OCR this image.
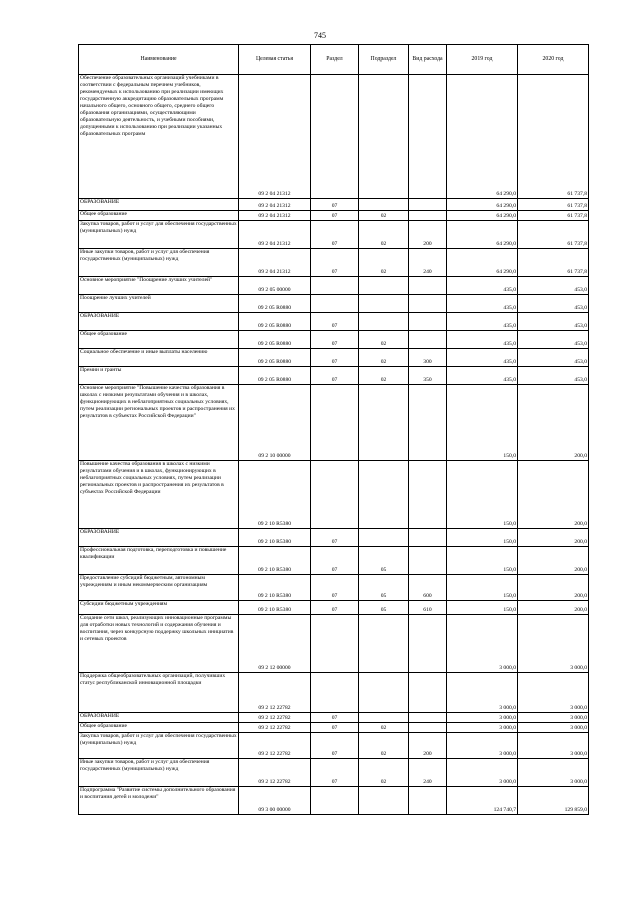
745
Наименование	Целевая статья	Раздел	Подраздел	Вид расхода	2019 год	2020 год
Обеспечение образовательных организаций учебниками в соответствии с федеральным перечнем учебников, рекомендуемых к использованию при реализации имеющих государственную аккредитацию образовательных программ начального общего, основного общего, среднего общего образования организациями, осуществляющими образовательную деятельность, и учебными пособиями, допущенными к использованию при реализации указанных образовательных программ	09 2 04 21312				64 290,0	61 737,8
ОБРАЗОВАНИЕ	09 2 04 21312	07			64 290,0	61 737,8
Общее образование	09 2 04 21312	07	02		64 290,0	61 737,8
Закупка товаров, работ и услуг для обеспечения государственных (муниципальных) нужд	09 2 04 21312	07	02	200	64 290,0	61 737,8
Иные закупки товаров, работ и услуг для обеспечения государственных (муниципальных) нужд	09 2 04 21312	07	02	240	64 290,0	61 737,8
Основное мероприятие "Поощрение лучших учителей"	09 2 05 00000				435,0	453,0
Поощрение лучших учителей	09 2 05 R0880				435,0	453,0
ОБРАЗОВАНИЕ	09 2 05 R0880	07			435,0	453,0
Общее образование	09 2 05 R0880	07	02		435,0	453,0
Социальное обеспечение и иные выплаты населению	09 2 05 R0880	07	02	300	435,0	453,0
Премии и гранты	09 2 05 R0880	07	02	350	435,0	453,0
Основное мероприятие "Повышение качества образования в школах с низкими результатами обучения и в школах, функционирующих в неблагоприятных социальных условиях, путем реализации региональных проектов и распространения их результатов в субъектах Российской Федерации"	09 2 10 00000				150,0	200,0
Повышение качества образования в школах с низкими результатами обучения и в школах, функционирующих в неблагоприятных социальных условиях, путем реализации региональных проектов и распространения их результатов в субъектах Российской Федерации	09 2 10 R5380				150,0	200,0
ОБРАЗОВАНИЕ	09 2 10 R5380	07			150,0	200,0
Профессиональная подготовка, переподготовка и повышение квалификации	09 2 10 R5380	07	05		150,0	200,0
Предоставление субсидий бюджетным, автономным учреждениям и иным некоммерческим организациям	09 2 10 R5380	07	05	600	150,0	200,0
Субсидии бюджетным учреждениям	09 2 10 R5380	07	05	610	150,0	200,0
Создание сети школ, реализующих инновационные программы для отработки новых технологий и содержания обучения и воспитания, через конкурсную поддержку школьных инициатив и сетевых проектов	09 2 12 00000				3 000,0	3 000,0
Поддержка общеобразовательных организаций, получивших статус республиканской инновационной площадки	09 2 12 22782				3 000,0	3 000,0
ОБРАЗОВАНИЕ	09 2 12 22782	07			3 000,0	3 000,0
Общее образование	09 2 12 22782	07	02		3 000,0	3 000,0
Закупка товаров, работ и услуг для обеспечения государственных (муниципальных) нужд	09 2 12 22782	07	02	200	3 000,0	3 000,0
Иные закупки товаров, работ и услуг для обеспечения государственных (муниципальных) нужд	09 2 12 22782	07	02	240	3 000,0	3 000,0
Подпрограмма "Развитие системы дополнительного образования и воспитания детей и молодежи"	09 3 00 00000				124 740,7	129 859,0
